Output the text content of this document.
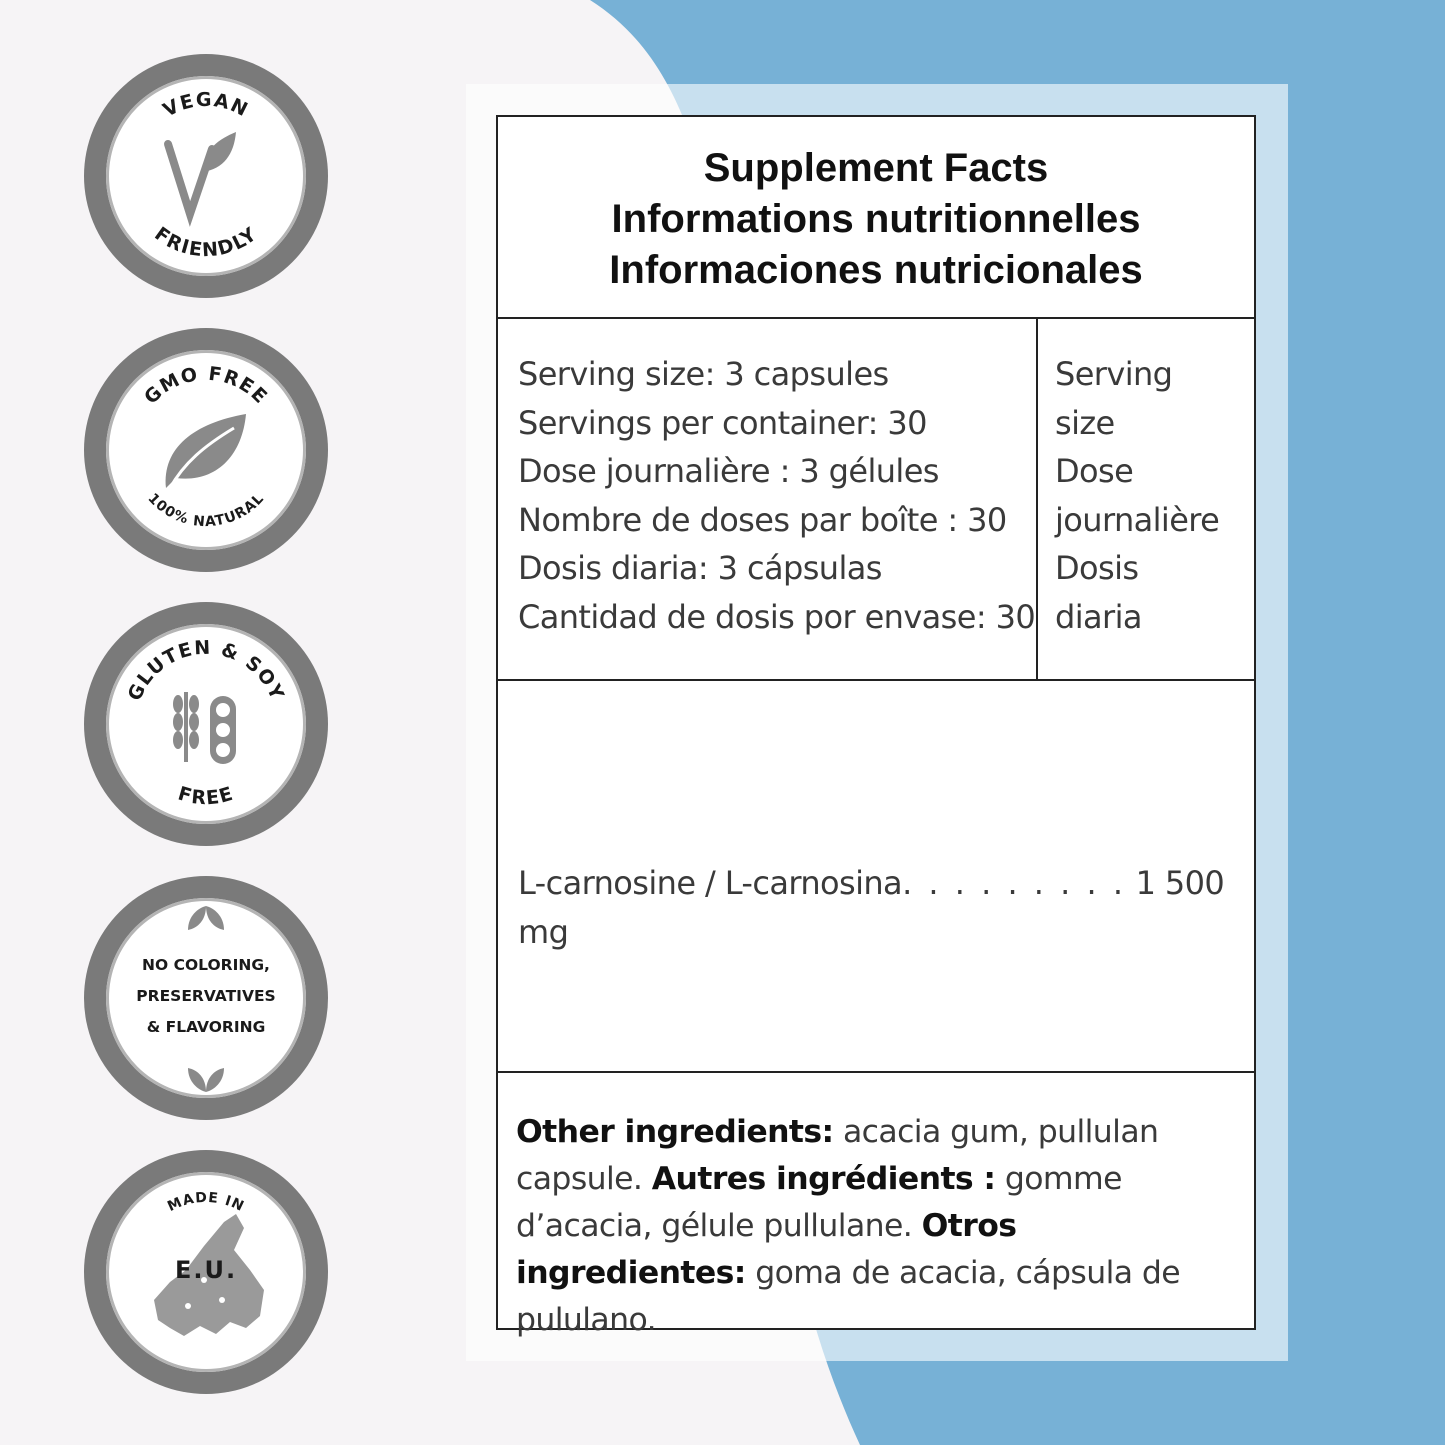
VEGAN
FRIENDLY
GMO FREE
100% NATURAL
GLUTEN & SOY
FREE
NO COLORING,
PRESERVATIVES
& FLAVORING
MADE IN
E.U.
Supplement Facts
Informations nutritionnelles
Informaciones nutricionales
Serving size: 3 capsules
Servings per container: 30
Dose journalière : 3 gélules
Nombre de doses par boîte : 30
Dosis diaria: 3 cápsulas
Cantidad de dosis por envase: 30
Serving
size
Dose
journalière
Dosis
diaria
L-carnosine / L-carnosina. . . . . . . . . 1 500 mg
Other ingredients: acacia gum, pullulan capsule. Autres ingrédients : gomme d’acacia, gélule pullulane. Otros ingredientes: goma de acacia, cápsula de pululano.
